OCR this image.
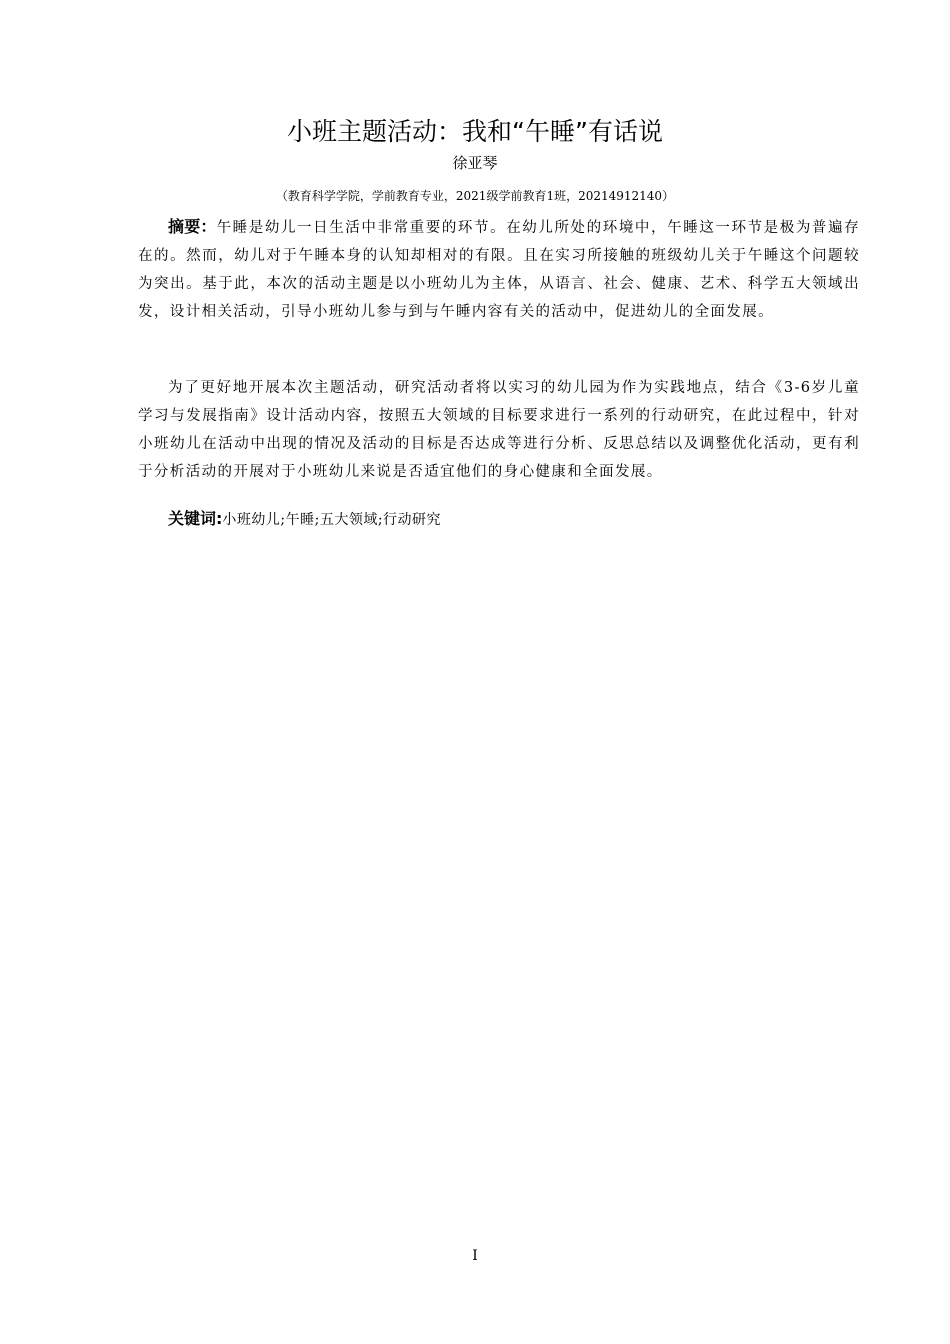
小班主题活动：我和“午睡”有话说
徐亚琴
（教育科学学院，学前教育专业，2021级学前教育1班，20214912140）
摘要：午睡是幼儿一日生活中非常重要的环节。在幼儿所处的环境中，午睡这一环节是极为普遍存在的。然而，幼儿对于午睡本身的认知却相对的有限。且在实习所接触的班级幼儿关于午睡这个问题较为突出。基于此，本次的活动主题是以小班幼儿为主体，从语言、社会、健康、艺术、科学五大领域出发，设计相关活动，引导小班幼儿参与到与午睡内容有关的活动中，促进幼儿的全面发展。
为了更好地开展本次主题活动，研究活动者将以实习的幼儿园为作为实践地点，结合《3-6岁儿童学习与发展指南》设计活动内容，按照五大领域的目标要求进行一系列的行动研究，在此过程中，针对小班幼儿在活动中出现的情况及活动的目标是否达成等进行分析、反思总结以及调整优化活动，更有利于分析活动的开展对于小班幼儿来说是否适宜他们的身心健康和全面发展。
关键词:小班幼儿;午睡;五大领域;行动研究
I
